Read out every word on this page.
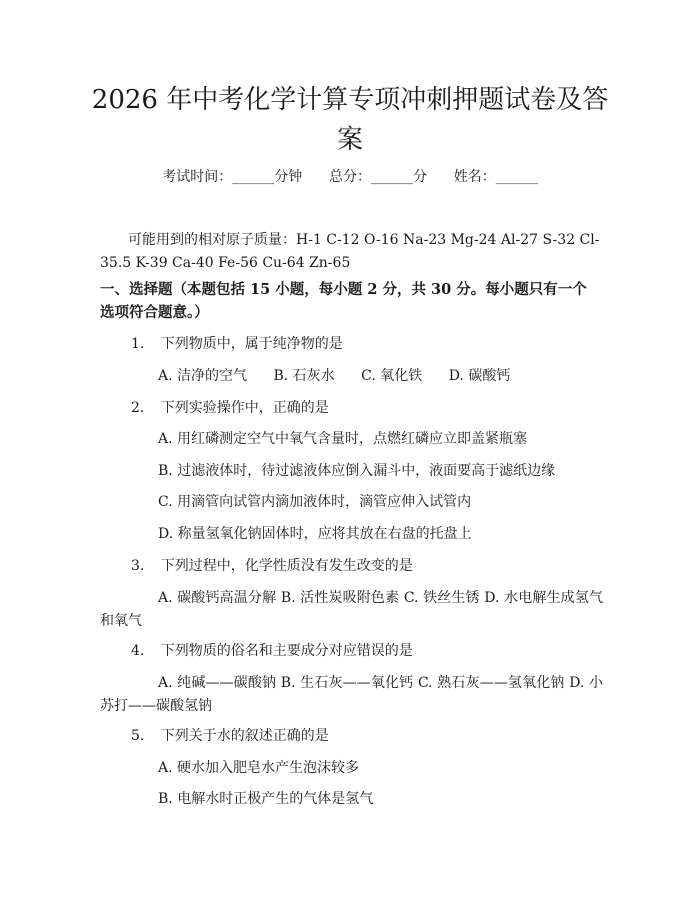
2026 年中考化学计算专项冲刺押题试卷及答案
考试时间：______分钟      总分：______分      姓名：______
可能用到的相对原子质量：H-1 C-12 O-16 Na-23 Mg-24 Al-27 S-32 Cl-35.5 K-39 Ca-40 Fe-56 Cu-64 Zn-65
一、选择题（本题包括 15 小题，每小题 2 分，共 30 分。每小题只有一个选项符合题意。）
1. 下列物质中，属于纯净物的是
A. 洁净的空气 B. 石灰水 C. 氧化铁 D. 碳酸钙
2. 下列实验操作中，正确的是
A. 用红磷测定空气中氧气含量时，点燃红磷应立即盖紧瓶塞
B. 过滤液体时，待过滤液体应倒入漏斗中，液面要高于滤纸边缘
C. 用滴管向试管内滴加液体时，滴管应伸入试管内
D. 称量氢氧化钠固体时，应将其放在右盘的托盘上
3. 下列过程中，化学性质没有发生改变的是
A. 碳酸钙高温分解 B. 活性炭吸附色素 C. 铁丝生锈 D. 水电解生成氢气和氧气
4. 下列物质的俗名和主要成分对应错误的是
A. 纯碱——碳酸钠 B. 生石灰——氧化钙 C. 熟石灰——氢氧化钠 D. 小苏打——碳酸氢钠
5. 下列关于水的叙述正确的是
A. 硬水加入肥皂水产生泡沫较多
B. 电解水时正极产生的气体是氢气
